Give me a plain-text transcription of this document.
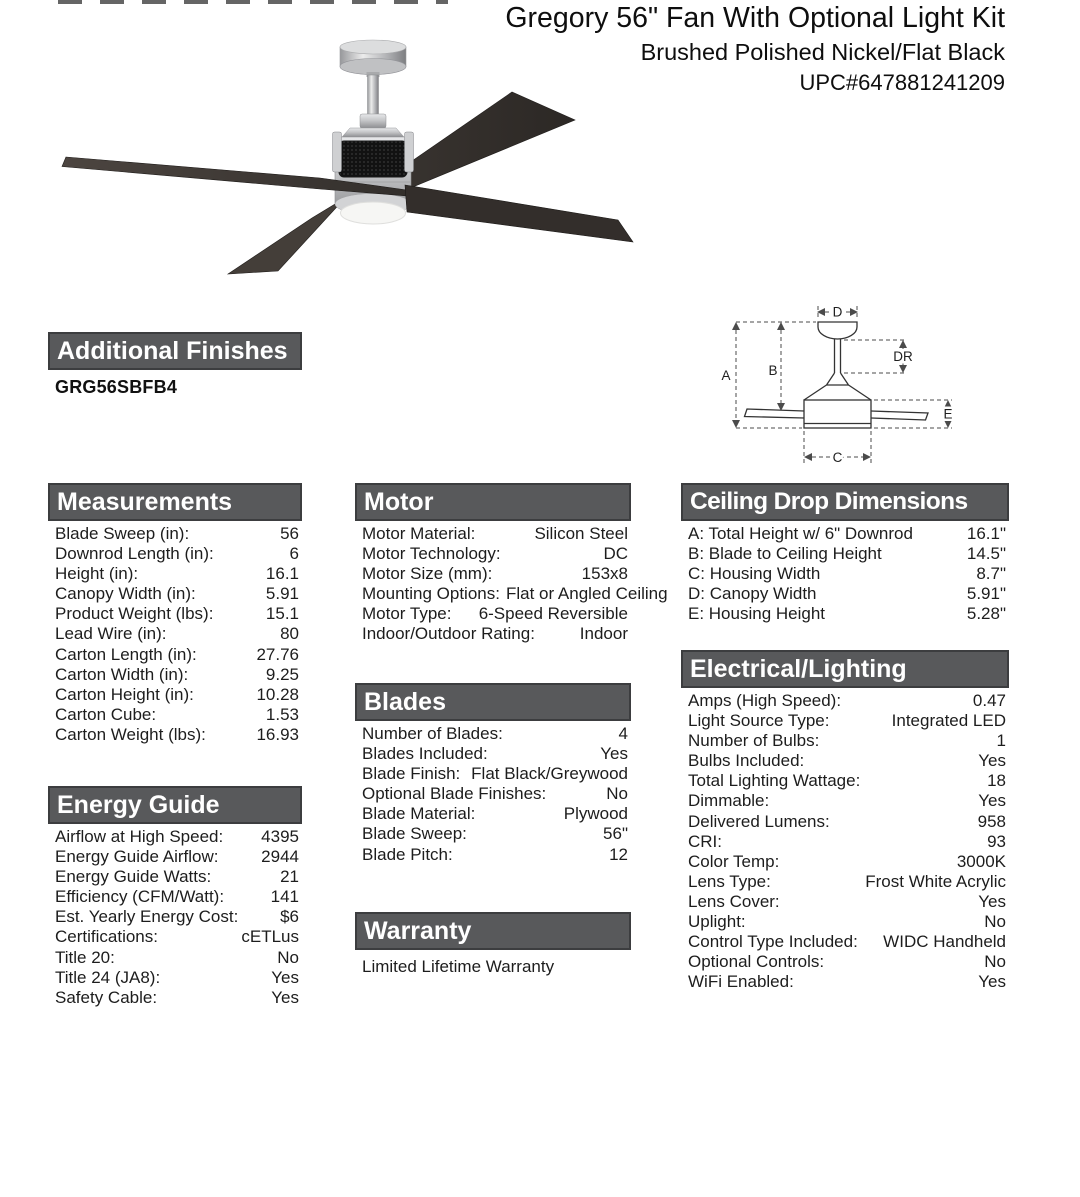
Gregory 56" Fan With Optional Light Kit
Brushed Polished Nickel/Flat Black
UPC#647881241209
A	B
C
D
DR
E
Additional Finishes
GRG56SBFB4
Measurements
Blade Sweep (in):	56
Downrod Length (in):	6
Height (in):	16.1
Canopy Width (in):	5.91
Product Weight (lbs):	15.1
Lead Wire (in):	80
Carton Length (in):	27.76
Carton Width (in):	9.25
Carton Height (in):	10.28
Carton Cube:	1.53
Carton Weight (lbs):	16.93
Energy Guide
Airflow at High Speed:	4395
Energy Guide Airflow:	2944
Energy Guide Watts:	21
Efficiency (CFM/Watt):	141
Est. Yearly Energy Cost:	$6
Certifications:	cETLus
Title 20:	No
Title 24 (JA8):	Yes
Safety Cable:	Yes
Motor
Motor Material:	Silicon Steel
Motor Technology:	DC
Motor Size (mm):	153x8
Mounting Options: Flat or Angled Ceiling
Motor Type:	6-Speed Reversible
Indoor/Outdoor Rating:	Indoor
Blades
Number of Blades:	4
Blades Included:	Yes
Blade Finish: Flat Black/Greywood
Optional Blade Finishes:	No
Blade Material:	Plywood
Blade Sweep:	56"
Blade Pitch:	12
Warranty
Limited Lifetime Warranty
Ceiling Drop Dimensions
A: Total Height w/ 6" Downrod	16.1"
B: Blade to Ceiling Height	14.5"
C: Housing Width	8.7"
D: Canopy Width	5.91"
E: Housing Height	5.28"
Electrical/Lighting
Amps (High Speed):	0.47
Light Source Type:	Integrated LED
Number of Bulbs:	1
Bulbs Included:	Yes
Total Lighting Wattage:	18
Dimmable:	Yes
Delivered Lumens:	958
CRI:	93
Color Temp:	3000K
Lens Type:	Frost White Acrylic
Lens Cover:	Yes
Uplight:	No
Control Type Included:	WIDC Handheld
Optional Controls:	No
WiFi Enabled:	Yes
